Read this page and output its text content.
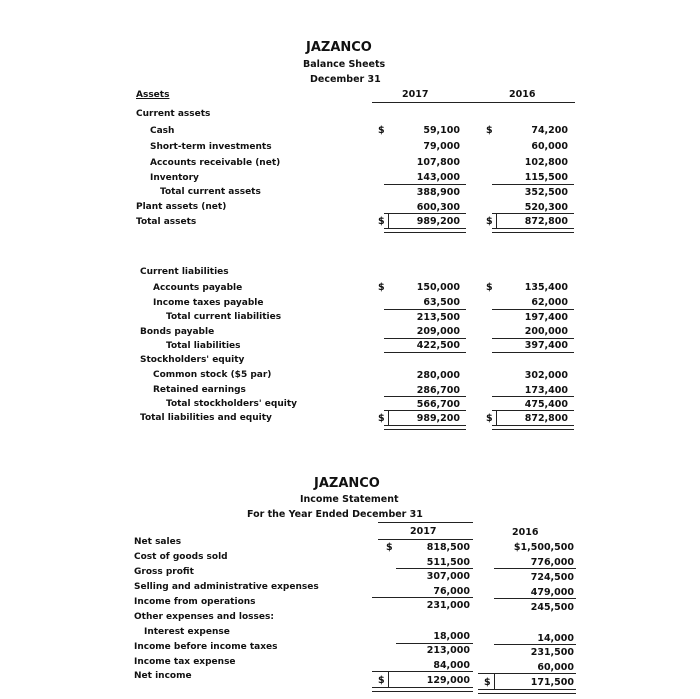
JAZANCO
Balance Sheets
December 31
Assets	2017	2016
Current assets
$	$
Cash	59,100	74,200
Short-term investments	79,000	60,000
Accounts receivable (net)	107,800	102,800
Inventory	143,000	115,500
Total current assets	388,900	352,500
Plant assets (net)	600,300	520,300
Total assets	$	989,200	$	872,800
Current liabilities
Accounts payable	$	150,000	$	135,400
Income taxes payable	63,500	62,000
Total current liabilities	213,500	197,400
Bonds payable	209,000	200,000
Total liabilities	422,500	397,400
Stockholders' equity
Common stock ($5 par)	280,000	302,000
Retained earnings	286,700	173,400
Total stockholders' equity	566,700	475,400
Total liabilities and equity	$	989,200	$	872,800
JAZANCO
Income Statement
For the Year Ended December 31
2017	2016
Net sales	$	818,500	$1,500,500
Cost of goods sold	511,500	776,000
Gross profit	307,000	724,500
Selling and administrative expenses	76,000	479,000
Income from operations	231,000	245,500
Other expenses and losses:
Interest expense	18,000	14,000
Income before income taxes	213,000	231,500
Income tax expense	84,000	60,000
Net income	$	129,000 $	171,500
